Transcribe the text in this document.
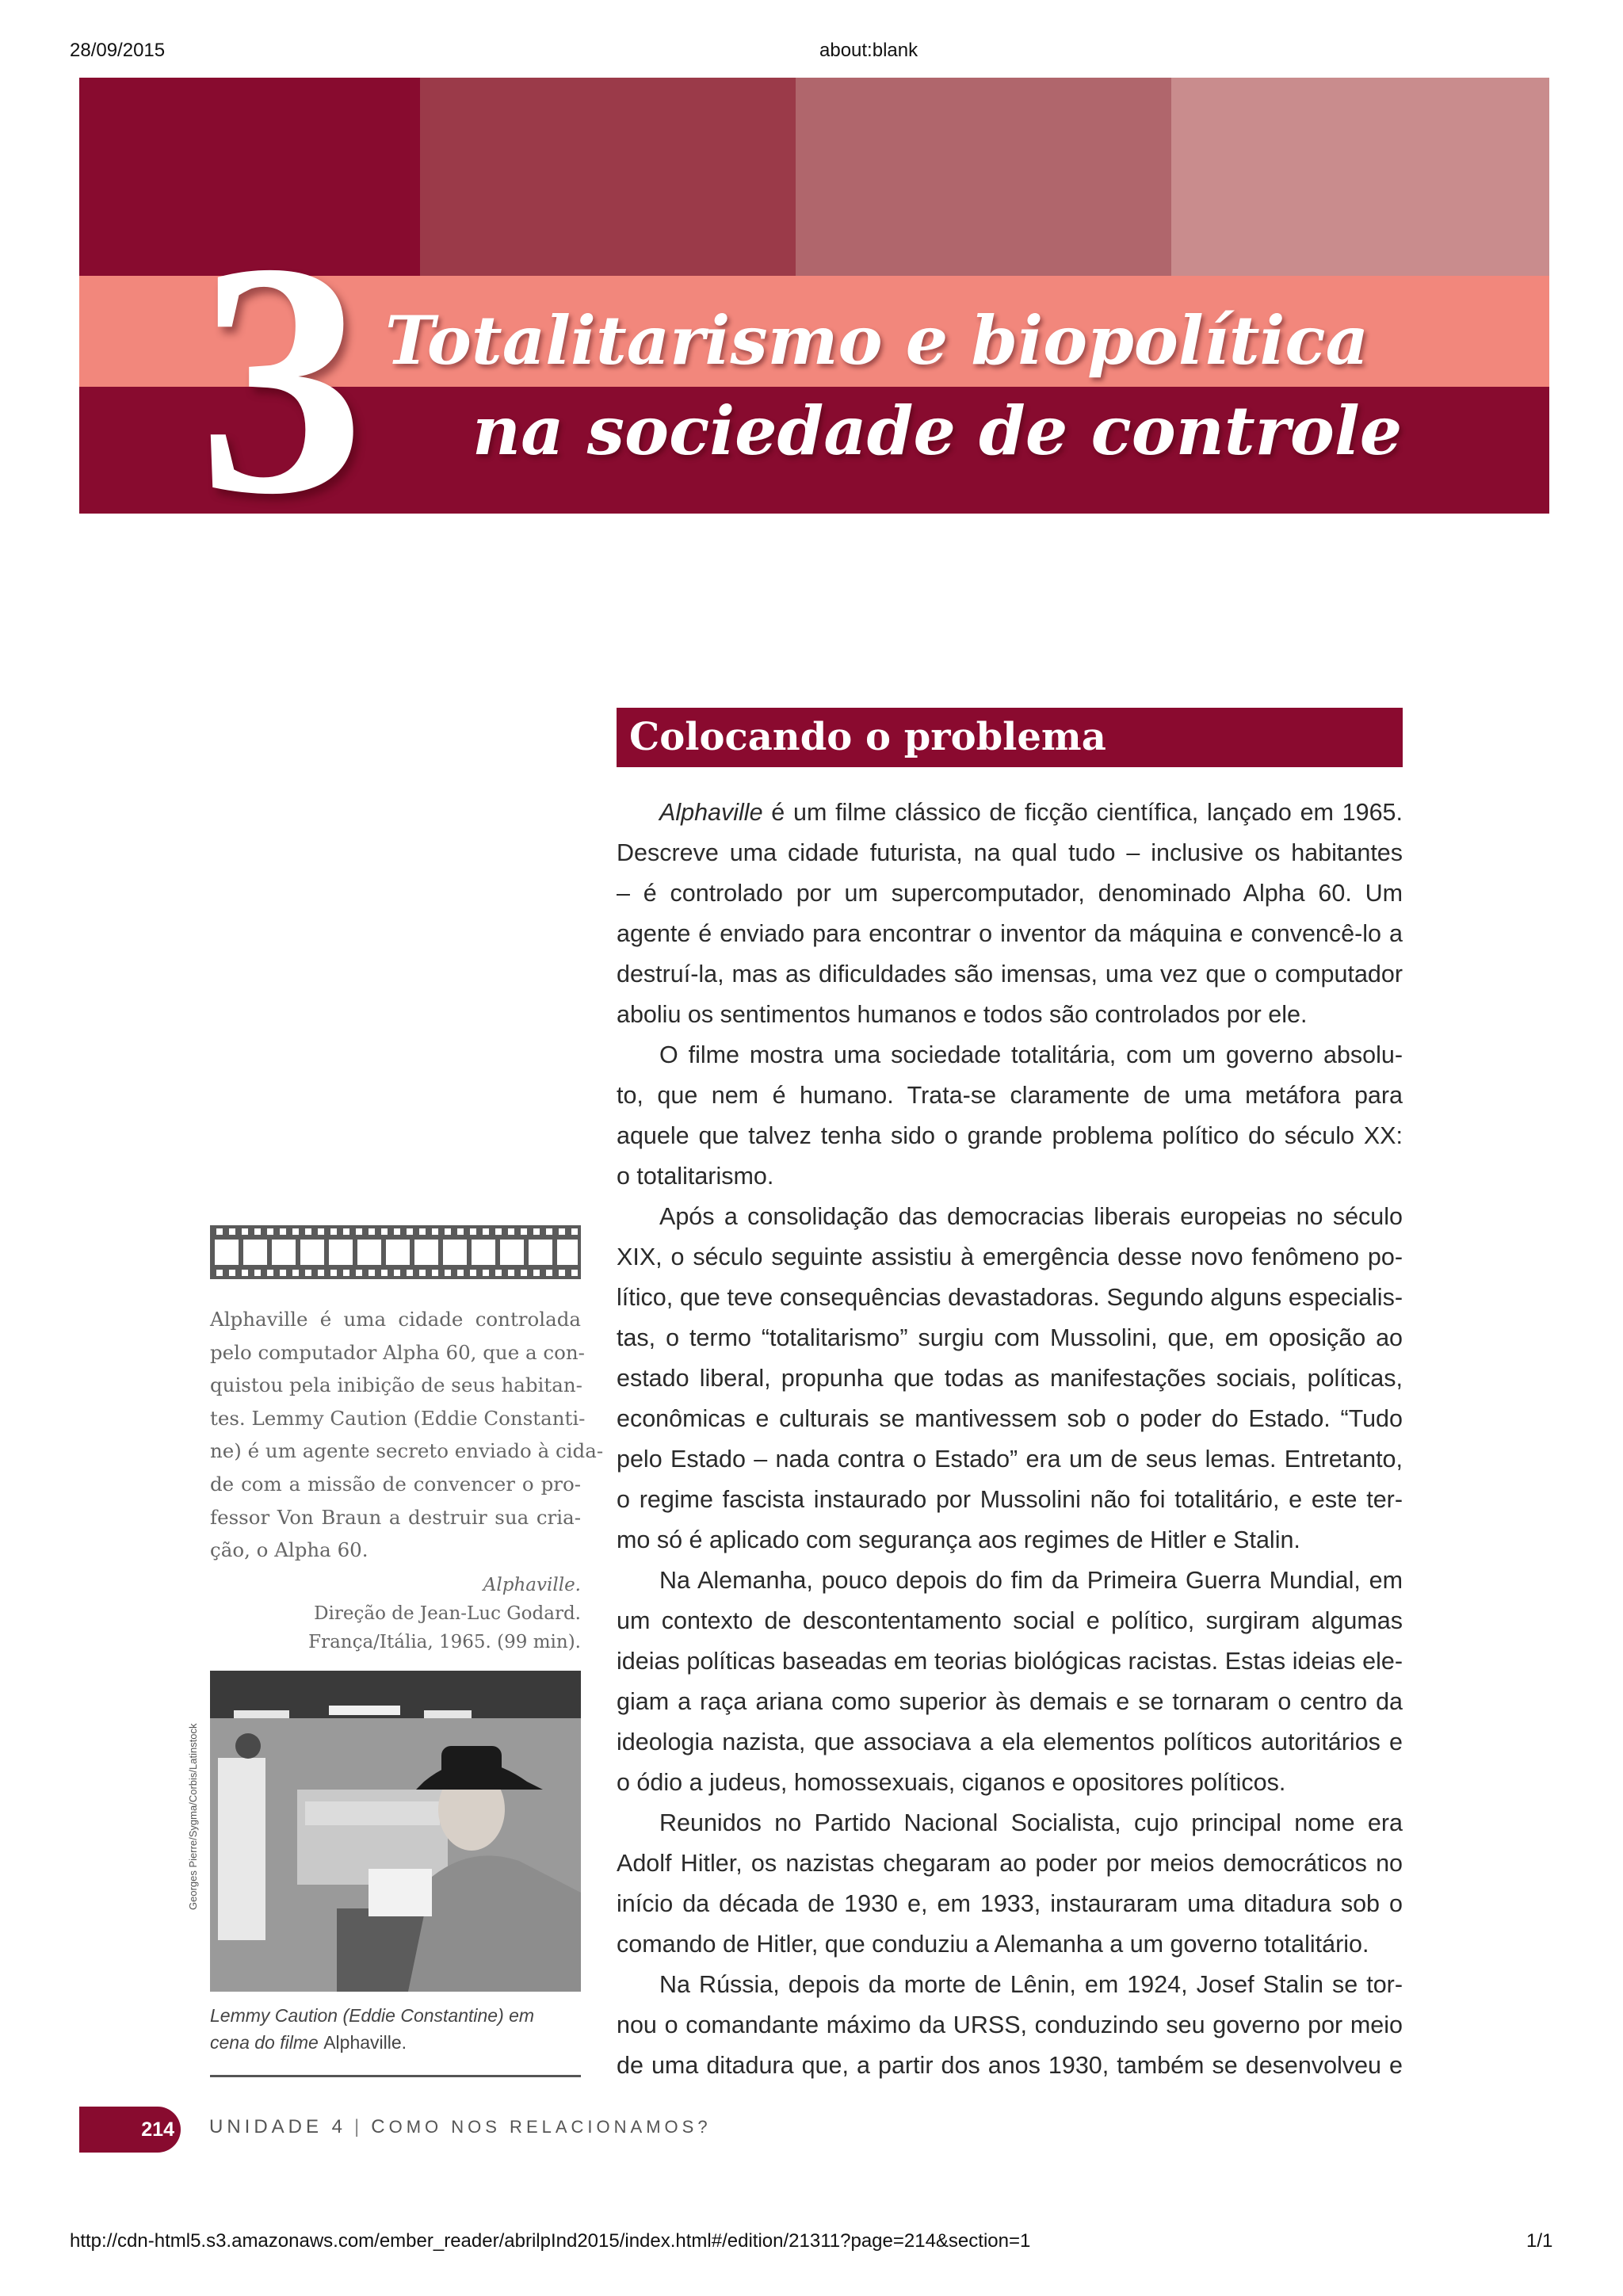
28/09/2015	about:blank
3 Totalitarismo e biopolítica
na sociedade de controle
Colocando o problema
Alphaville é um filme clássico de ficção científica, lançado em 1965.
Descreve uma cidade futurista, na qual tudo – inclusive os habitantes
– é controlado por um supercomputador, denominado Alpha 60. Um
agente é enviado para encontrar o inventor da máquina e convencê-lo a
destruí-la, mas as dificuldades são imensas, uma vez que o computador
aboliu os sentimentos humanos e todos são controlados por ele.
O filme mostra uma sociedade totalitária, com um governo absolu-
to, que nem é humano. Trata-se claramente de uma metáfora para
aquele que talvez tenha sido o grande problema político do século XX:
o totalitarismo.
Após a consolidação das democracias liberais europeias no século
XIX, o século seguinte assistiu à emergência desse novo fenômeno po-
lítico, que teve consequências devastadoras. Segundo alguns especialis-
tas, o termo “totalitarismo” surgiu com Mussolini, que, em oposição ao
estado liberal, propunha que todas as manifestações sociais, políticas,
econômicas e culturais se mantivessem sob o poder do Estado. “Tudo
pelo Estado – nada contra o Estado” era um de seus lemas. Entretanto,
o regime fascista instaurado por Mussolini não foi totalitário, e este ter-
mo só é aplicado com segurança aos regimes de Hitler e Stalin.
Na Alemanha, pouco depois do fim da Primeira Guerra Mundial, em
um contexto de descontentamento social e político, surgiram algumas
ideias políticas baseadas em teorias biológicas racistas. Estas ideias ele-
giam a raça ariana como superior às demais e se tornaram o centro da
ideologia nazista, que associava a ela elementos políticos autoritários e
o ódio a judeus, homossexuais, ciganos e opositores políticos.
Reunidos no Partido Nacional Socialista, cujo principal nome era
Adolf Hitler, os nazistas chegaram ao poder por meios democráticos no
início da década de 1930 e, em 1933, instauraram uma ditadura sob o
comando de Hitler, que conduziu a Alemanha a um governo totalitário.
Na Rússia, depois da morte de Lênin, em 1924, Josef Stalin se tor-
nou o comandante máximo da URSS, conduzindo seu governo por meio
de uma ditadura que, a partir dos anos 1930, também se desenvolveu e
Alphaville é uma cidade controlada
pelo computador Alpha 60, que a con-
quistou pela inibição de seus habitan-
tes. Lemmy Caution (Eddie Constanti-
ne) é um agente secreto enviado à cida-
de com a missão de convencer o pro-
fessor Von Braun a destruir sua cria-
ção, o Alpha 60.
Alphaville.
Direção de Jean-Luc Godard.
França/Itália, 1965. (99 min).
Georges Pierre/Sygma/Corbis/Latinstock
Lemmy Caution (Eddie Constantine) em
cena do filme Alphaville.
214 UNIDADE 4 | COMO NOS RELACIONAMOS?
http://cdn-html5.s3.amazonaws.com/ember_reader/abrilpInd2015/index.html#/edition/21311?page=214&section=1	1/1
